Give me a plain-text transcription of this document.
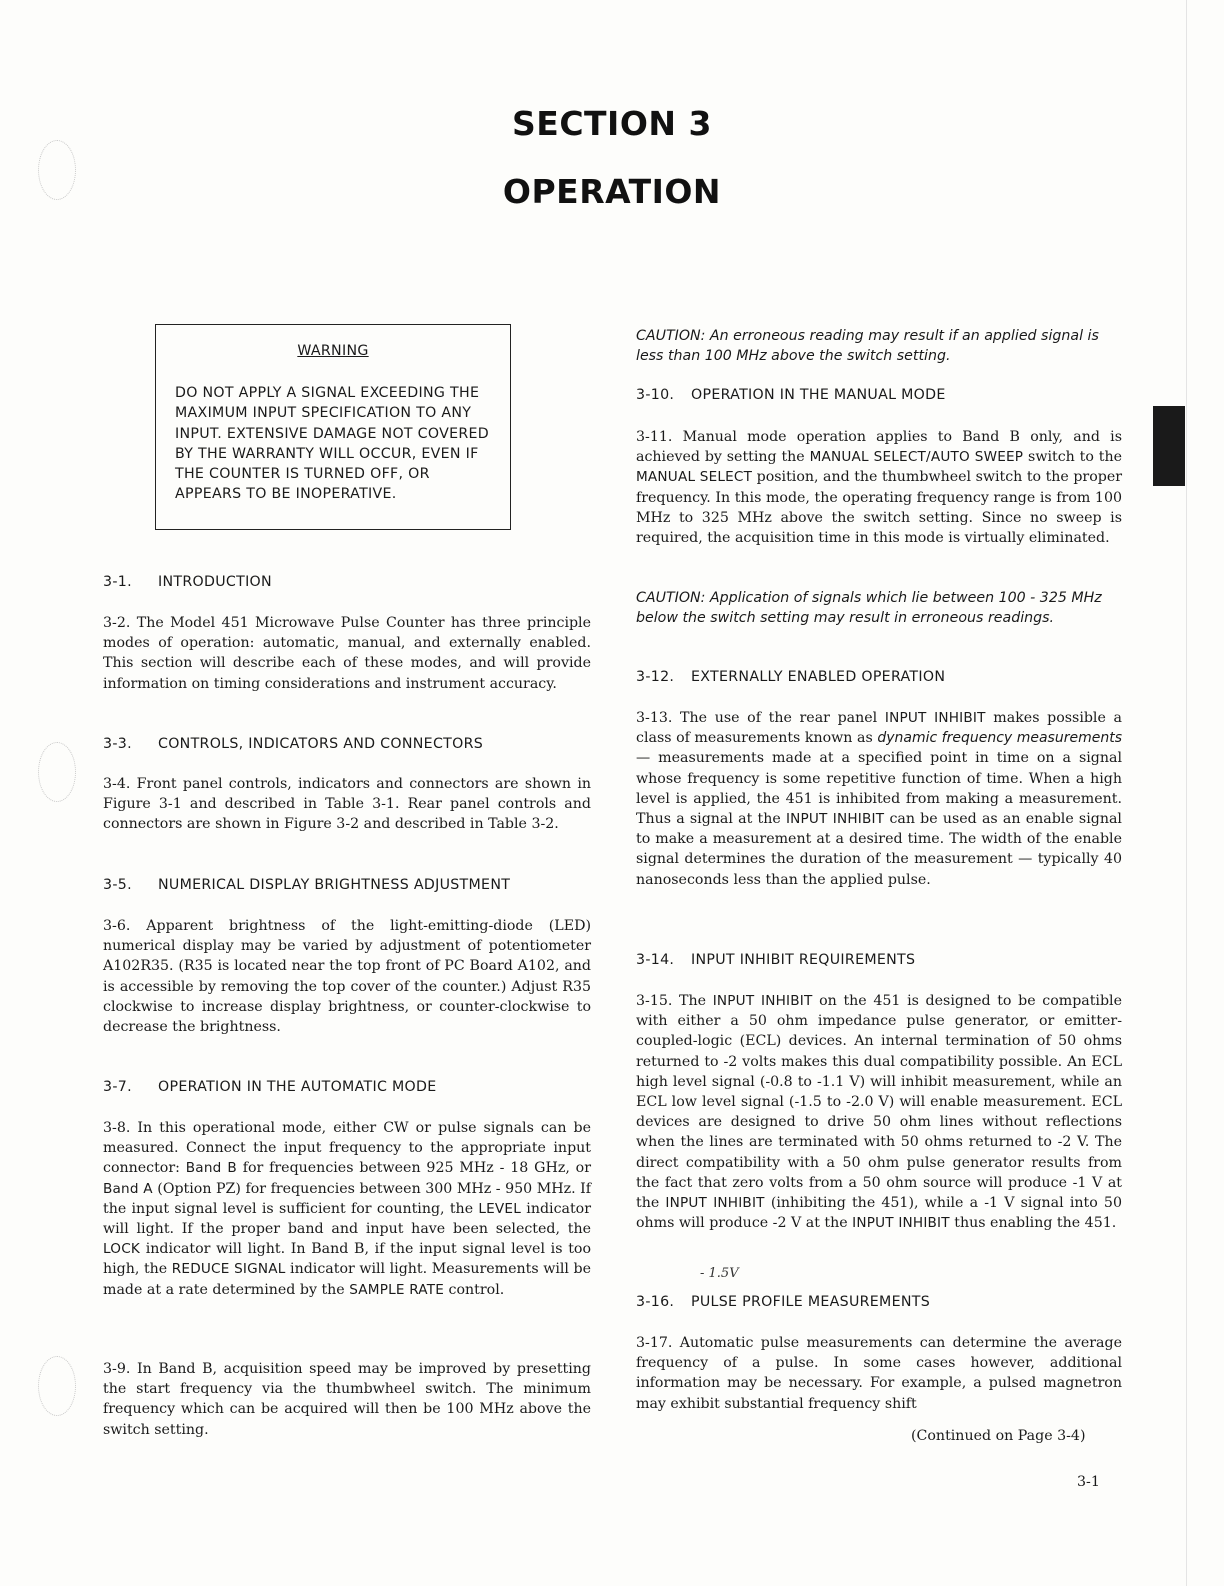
SECTION 3
OPERATION
WARNING

DO NOT APPLY A SIGNAL EXCEEDING THE MAXIMUM INPUT SPECIFICATION TO ANY INPUT. EXTENSIVE DAMAGE NOT COVERED BY THE WARRANTY WILL OCCUR, EVEN IF THE COUNTER IS TURNED OFF, OR APPEARS TO BE INOPERATIVE.

3-1. INTRODUCTION

3-2. The Model 451 Microwave Pulse Counter has three principle modes of operation: automatic, manual, and externally enabled. This section will describe each of these modes, and will provide information on timing considerations and instrument accuracy.

3-3. CONTROLS, INDICATORS AND CONNECTORS

3-4. Front panel controls, indicators and connectors are shown in Figure 3-1 and described in Table 3-1. Rear panel controls and connectors are shown in Figure 3-2 and described in Table 3-2.

3-5. NUMERICAL DISPLAY BRIGHTNESS ADJUSTMENT

3-6. Apparent brightness of the light-emitting-diode (LED) numerical display may be varied by adjustment of potentiometer A102R35. (R35 is located near the top front of PC Board A102, and is accessible by removing the top cover of the counter.) Adjust R35 clockwise to increase display brightness, or counter-clockwise to decrease the brightness.

3-7. OPERATION IN THE AUTOMATIC MODE

3-8. In this operational mode, either CW or pulse signals can be measured. Connect the input frequency to the appropriate input connector: Band B for frequencies between 925 MHz - 18 GHz, or Band A (Option PZ) for frequencies between 300 MHz - 950 MHz. If the input signal level is sufficient for counting, the LEVEL indicator will light. If the proper band and input have been selected, the LOCK indicator will light. In Band B, if the input signal level is too high, the REDUCE SIGNAL indicator will light. Measurements will be made at a rate determined by the SAMPLE RATE control.

3-9. In Band B, acquisition speed may be improved by presetting the start frequency via the thumbwheel switch. The minimum frequency which can be acquired will then be 100 MHz above the switch setting.

CAUTION: An erroneous reading may result if an applied signal is less than 100 MHz above the switch setting.

3-10. OPERATION IN THE MANUAL MODE

3-11. Manual mode operation applies to Band B only, and is achieved by setting the MANUAL SELECT/AUTO SWEEP switch to the MANUAL SELECT position, and the thumbwheel switch to the proper frequency. In this mode, the operating frequency range is from 100 MHz to 325 MHz above the switch setting. Since no sweep is required, the acquisition time in this mode is virtually eliminated.

CAUTION: Application of signals which lie between 100 - 325 MHz below the switch setting may result in erroneous readings.

3-12. EXTERNALLY ENABLED OPERATION

3-13. The use of the rear panel INPUT INHIBIT makes possible a class of measurements known as dynamic frequency measurements — measurements made at a specified point in time on a signal whose frequency is some repetitive function of time. When a high level is applied, the 451 is inhibited from making a measurement. Thus a signal at the INPUT INHIBIT can be used as an enable signal to make a measurement at a desired time. The width of the enable signal determines the duration of the measurement — typically 40 nanoseconds less than the applied pulse.

3-14. INPUT INHIBIT REQUIREMENTS

3-15. The INPUT INHIBIT on the 451 is designed to be compatible with either a 50 ohm impedance pulse generator, or emitter-coupled-logic (ECL) devices. An internal termination of 50 ohms returned to -2 volts makes this dual compatibility possible. An ECL high level signal (-0.8 to -1.1 V) will inhibit measurement, while an ECL low level signal (-1.5 to -2.0 V) will enable measurement. ECL devices are designed to drive 50 ohm lines without reflections when the lines are terminated with 50 ohms returned to -2 V. The direct compatibility with a 50 ohm pulse generator results from the fact that zero volts from a 50 ohm source will produce -1 V at the INPUT INHIBIT (inhibiting the 451), while a -1 V signal into 50 ohms will produce -2 V at the INPUT INHIBIT thus enabling the 451.

3-16. PULSE PROFILE MEASUREMENTS

3-17. Automatic pulse measurements can determine the average frequency of a pulse. In some cases however, additional information may be necessary. For example, a pulsed magnetron may exhibit substantial frequency shift

- 1.5V
(Continued on Page 3-4)
3-1
